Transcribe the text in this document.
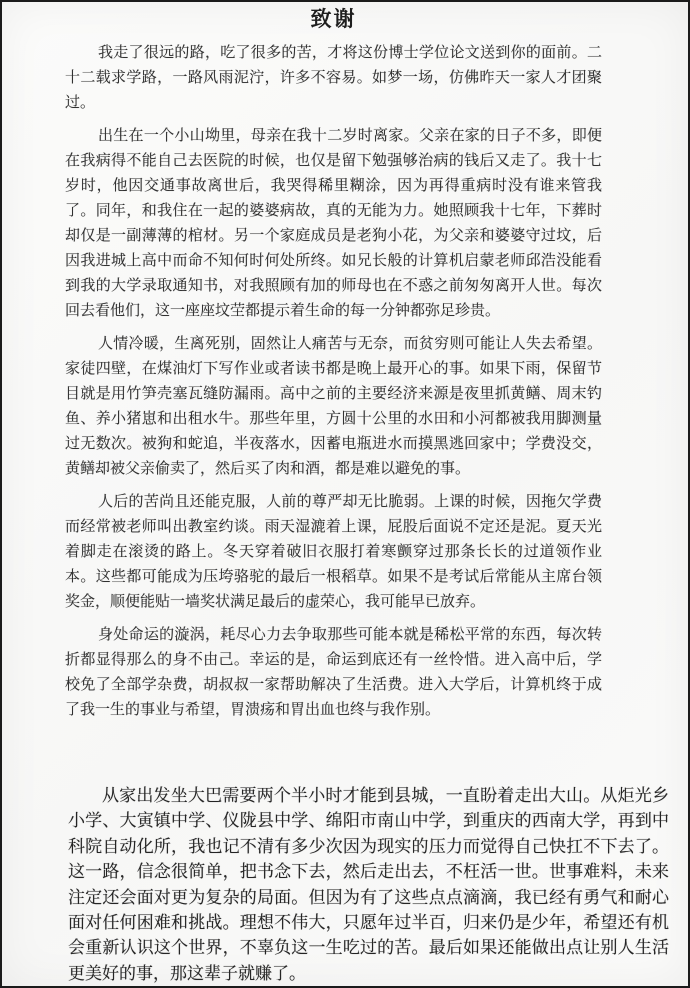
致谢

我走了很远的路，吃了很多的苦，才将这份博士学位论文送到你的面前。二十二载求学路，一路风雨泥泞，许多不容易。如梦一场，仿佛昨天一家人才团聚过。

出生在一个小山坳里，母亲在我十二岁时离家。父亲在家的日子不多，即便在我病得不能自己去医院的时候，也仅是留下勉强够治病的钱后又走了。我十七岁时，他因交通事故离世后，我哭得稀里糊涂，因为再得重病时没有谁来管我了。同年，和我住在一起的婆婆病故，真的无能为力。她照顾我十七年，下葬时却仅是一副薄薄的棺材。另一个家庭成员是老狗小花，为父亲和婆婆守过坟，后因我进城上高中而命不知何时何处所终。如兄长般的计算机启蒙老师邱浩没能看到我的大学录取通知书，对我照顾有加的师母也在不惑之前匆匆离开人世。每次回去看他们，这一座座坟茔都提示着生命的每一分钟都弥足珍贵。

人情冷暖，生离死别，固然让人痛苦与无奈，而贫穷则可能让人失去希望。家徒四壁，在煤油灯下写作业或者读书都是晚上最开心的事。如果下雨，保留节目就是用竹笋壳塞瓦缝防漏雨。高中之前的主要经济来源是夜里抓黄鳝、周末钓鱼、养小猪崽和出租水牛。那些年里，方圆十公里的水田和小河都被我用脚测量过无数次。被狗和蛇追，半夜落水，因蓄电瓶进水而摸黑逃回家中；学费没交，黄鳝却被父亲偷卖了，然后买了肉和酒，都是难以避免的事。

人后的苦尚且还能克服，人前的尊严却无比脆弱。上课的时候，因拖欠学费而经常被老师叫出教室约谈。雨天湿漉着上课，屁股后面说不定还是泥。夏天光着脚走在滚烫的路上。冬天穿着破旧衣服打着寒颤穿过那条长长的过道领作业本。这些都可能成为压垮骆驼的最后一根稻草。如果不是考试后常能从主席台领奖金，顺便能贴一墙奖状满足最后的虚荣心，我可能早已放弃。

身处命运的漩涡，耗尽心力去争取那些可能本就是稀松平常的东西，每次转折都显得那么的身不由己。幸运的是，命运到底还有一丝怜惜。进入高中后，学校免了全部学杂费，胡叔叔一家帮助解决了生活费。进入大学后，计算机终于成了我一生的事业与希望，胃溃疡和胃出血也终与我作别。

从家出发坐大巴需要两个半小时才能到县城，一直盼着走出大山。从炬光乡小学、大寅镇中学、仪陇县中学、绵阳市南山中学，到重庆的西南大学，再到中科院自动化所，我也记不清有多少次因为现实的压力而觉得自己快扛不下去了。这一路，信念很简单，把书念下去，然后走出去，不枉活一世。世事难料，未来注定还会面对更为复杂的局面。但因为有了这些点点滴滴，我已经有勇气和耐心面对任何困难和挑战。理想不伟大，只愿年过半百，归来仍是少年，希望还有机会重新认识这个世界，不辜负这一生吃过的苦。最后如果还能做出点让别人生活更美好的事，那这辈子就赚了。
